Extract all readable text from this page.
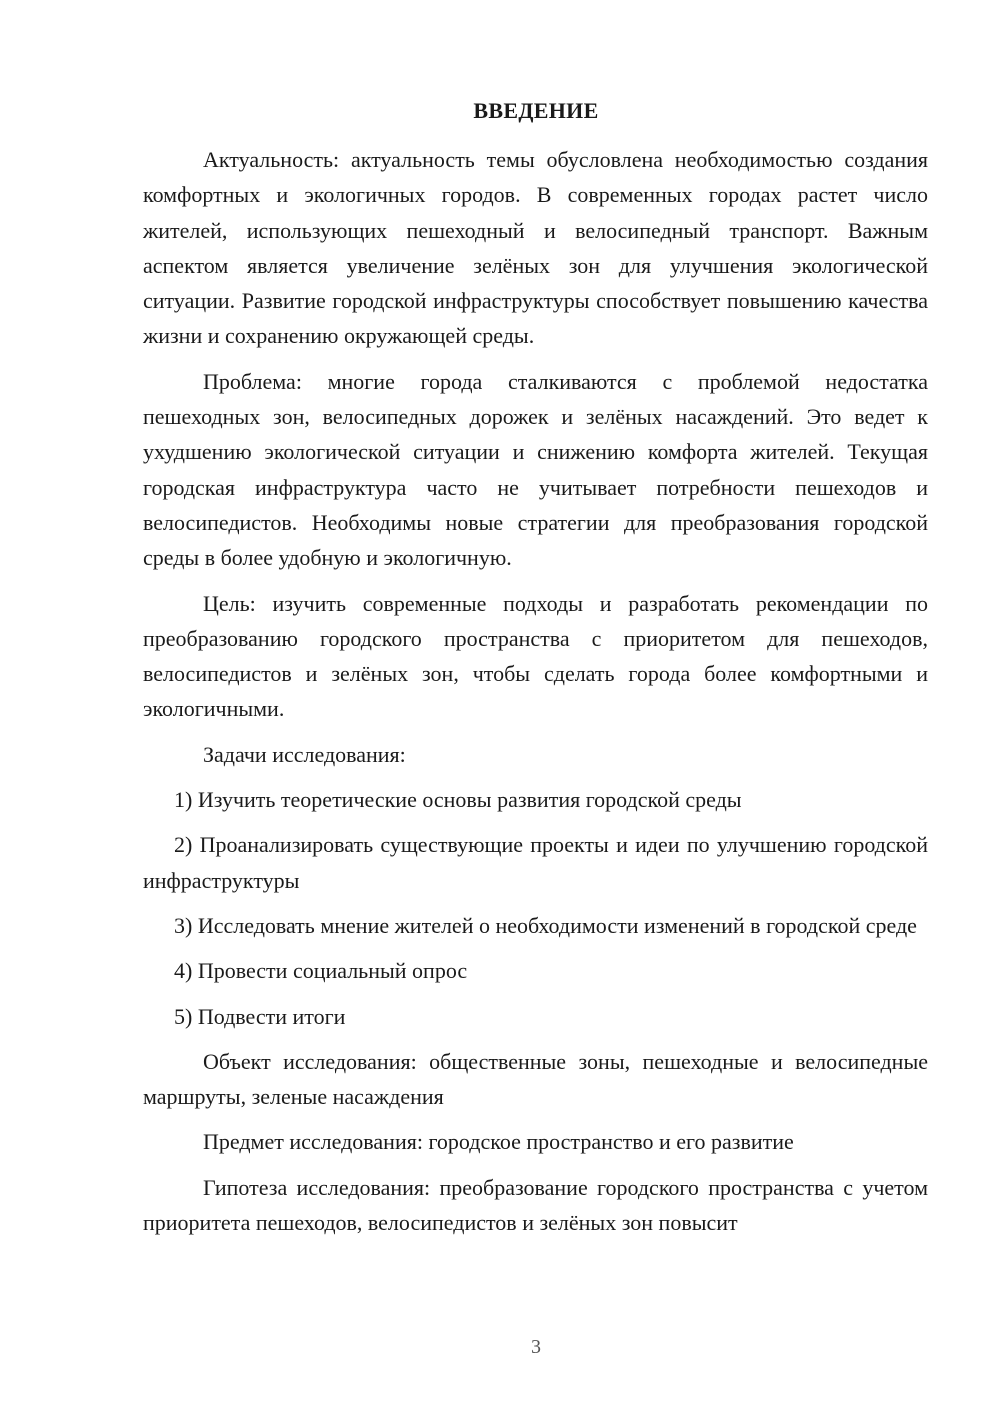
ВВЕДЕНИЕ

Актуальность: актуальность темы обусловлена необходимостью создания комфортных и экологичных городов. В современных городах растет число жителей, использующих пешеходный и велосипедный транспорт. Важным аспектом является увеличение зелёных зон для улучшения экологической ситуации. Развитие городской инфраструктуры способствует повышению качества жизни и сохранению окружающей среды.

Проблема: многие города сталкиваются с проблемой недостатка пешеходных зон, велосипедных дорожек и зелёных насаждений. Это ведет к ухудшению экологической ситуации и снижению комфорта жителей. Текущая городская инфраструктура часто не учитывает потребности пешеходов и велосипедистов. Необходимы новые стратегии для преобразования городской среды в более удобную и экологичную.

Цель: изучить современные подходы и разработать рекомендации по преобразованию городского пространства с приоритетом для пешеходов, велосипедистов и зелёных зон, чтобы сделать города более комфортными и экологичными.

Задачи исследования:

1) Изучить теоретические основы развития городской среды

2) Проанализировать существующие проекты и идеи по улучшению городской инфраструктуры

3) Исследовать мнение жителей о необходимости изменений в городской среде

4) Провести социальный опрос

5) Подвести итоги

Объект исследования: общественные зоны, пешеходные и велосипедные маршруты, зеленые насаждения

Предмет исследования: городское пространство и его развитие

Гипотеза исследования: преобразование городского пространства с учетом приоритета пешеходов, велосипедистов и зелёных зон повысит

3
